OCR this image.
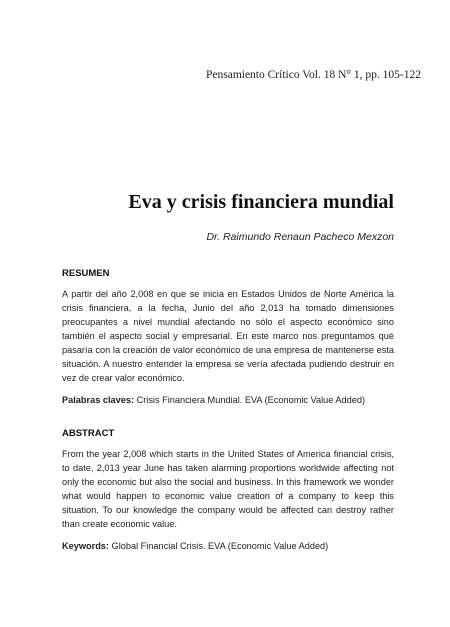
Pensamiento Crítico Vol. 18 N° 1, pp. 105-122
Eva y crisis financiera mundial
Dr. Raimundo Renaun Pacheco Mexzon
RESUMEN

A partir del año 2,008 en que se inicia en Estados Unidos de Norte América la crisis financiera, a la fecha, Junio del año 2,013 ha tomado dimensiones preocupantes a nivel mundial afectando no sólo el aspecto económico sino también el aspecto social y empresarial. En este marco nos preguntamos qué pasaría con la creación de valor económico de una empresa de mantenerse esta situación. A nuestro entender la empresa se vería afectada pudiendo destruir en vez de crear valor económico.

Palabras claves: Crisis Financiera Mundial. EVA (Economic Value Added)

ABSTRACT

From the year 2,008 which starts in the United States of America financial crisis, to date, 2,013 year June has taken alarming proportions worldwide affecting not only the economic but also the social and business. In this framework we wonder what would happen to economic value creation of a company to keep this situation. To our knowledge the company would be affected can destroy rather than create economic value.

Keywords: Global Financial Crisis. EVA (Economic Value Added)
